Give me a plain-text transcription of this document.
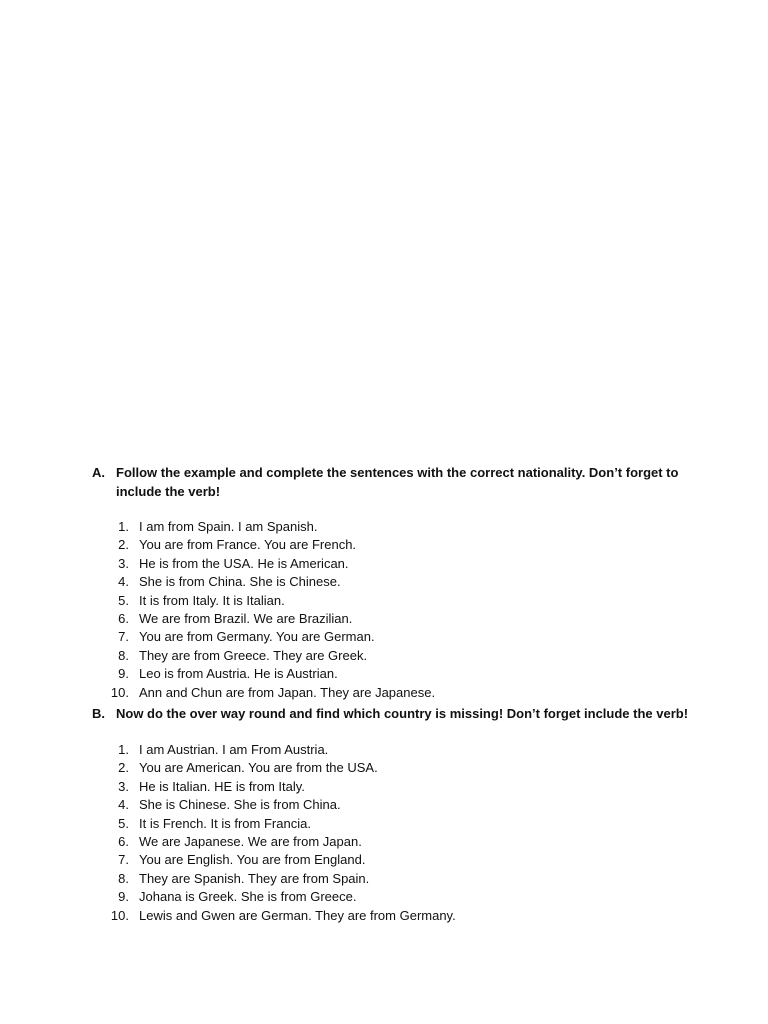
A. Follow the example and complete the sentences with the correct nationality. Don’t forget to include the verb!
1. I am from Spain. I am Spanish.
2. You are from France. You are French.
3. He is from the USA. He is American.
4. She is from China. She is Chinese.
5. It is from Italy. It is Italian.
6. We are from Brazil. We are Brazilian.
7. You are from Germany. You are German.
8. They are from Greece. They are Greek.
9. Leo is from Austria. He is Austrian.
10. Ann and Chun are from Japan. They are Japanese.
B. Now do the over way round and find which country is missing! Don’t forget include the verb!
1. I am Austrian. I am From Austria.
2. You are American. You are from the USA.
3. He is Italian. HE is from Italy.
4. She is Chinese. She is from China.
5. It is French. It is from Francia.
6. We are Japanese. We are from Japan.
7. You are English. You are from England.
8. They are Spanish. They are from Spain.
9. Johana is Greek. She is from Greece.
10. Lewis and Gwen are German. They are from Germany.
